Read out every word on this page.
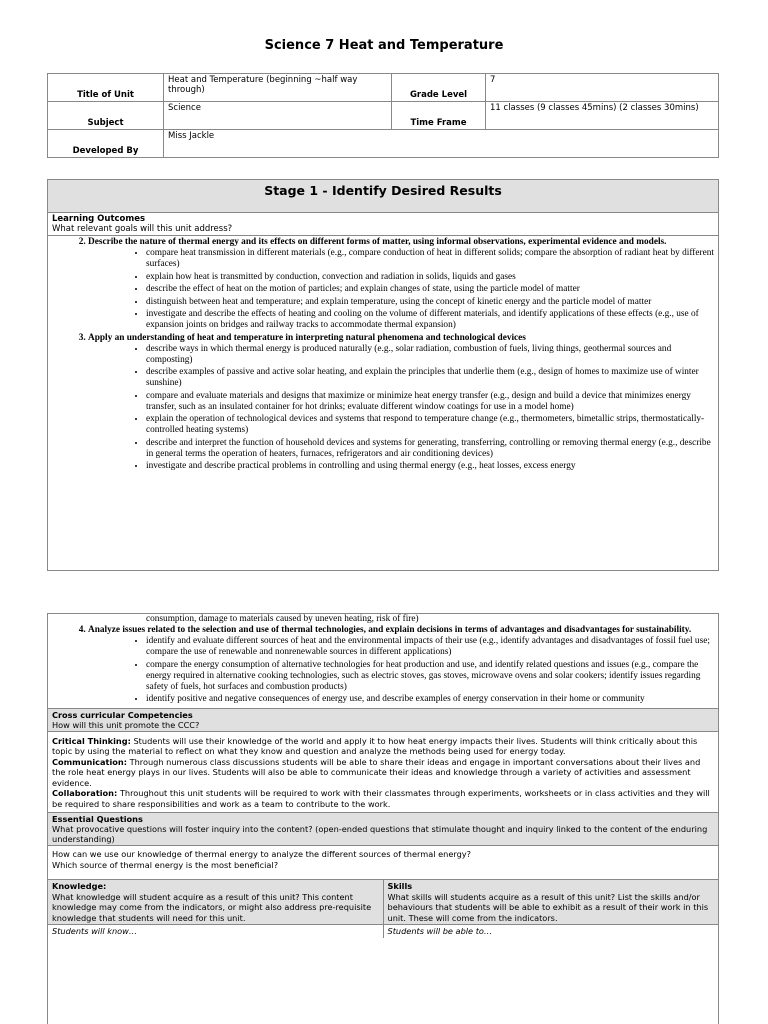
Science 7 Heat and Temperature
Title of Unit	Heat and Temperature (beginning ~half way through)	Grade Level	7
Subject	Science	Time Frame	11 classes (9 classes 45mins) (2 classes 30mins)
Developed By	Miss Jackle		
Stage 1 - Identify Desired Results
Learning Outcomes
What relevant goals will this unit address?
2. Describe the nature of thermal energy and its effects on different forms of matter, using informal observations, experimental evidence and models.
• compare heat transmission in different materials (e.g., compare conduction of heat in different solids; compare the absorption of radiant heat by different surfaces)
• explain how heat is transmitted by conduction, convection and radiation in solids, liquids and gases
• describe the effect of heat on the motion of particles; and explain changes of state, using the particle model of matter
• distinguish between heat and temperature; and explain temperature, using the concept of kinetic energy and the particle model of matter
• investigate and describe the effects of heating and cooling on the volume of different materials, and identify applications of these effects (e.g., use of expansion joints on bridges and railway tracks to accommodate thermal expansion)
3. Apply an understanding of heat and temperature in interpreting natural phenomena and technological devices
• describe ways in which thermal energy is produced naturally (e.g., solar radiation, combustion of fuels, living things, geothermal sources and composting)
• describe examples of passive and active solar heating, and explain the principles that underlie them (e.g., design of homes to maximize use of winter sunshine)
• compare and evaluate materials and designs that maximize or minimize heat energy transfer (e.g., design and build a device that minimizes energy transfer, such as an insulated container for hot drinks; evaluate different window coatings for use in a model home)
• explain the operation of technological devices and systems that respond to temperature change (e.g., thermometers, bimetallic strips, thermostatically-controlled heating systems)
• describe and interpret the function of household devices and systems for generating, transferring, controlling or removing thermal energy (e.g., describe in general terms the operation of heaters, furnaces, refrigerators and air conditioning devices)
• investigate and describe practical problems in controlling and using thermal energy (e.g., heat losses, excess energy
consumption, damage to materials caused by uneven heating, risk of fire)
4. Analyze issues related to the selection and use of thermal technologies, and explain decisions in terms of advantages and disadvantages for sustainability.
• identify and evaluate different sources of heat and the environmental impacts of their use (e.g., identify advantages and disadvantages of fossil fuel use; compare the use of renewable and nonrenewable sources in different applications)
• compare the energy consumption of alternative technologies for heat production and use, and identify related questions and issues (e.g., compare the energy required in alternative cooking technologies, such as electric stoves, gas stoves, microwave ovens and solar cookers; identify issues regarding safety of fuels, hot surfaces and combustion products)
• identify positive and negative consequences of energy use, and describe examples of energy conservation in their home or community
Cross curricular Competencies
How will this unit promote the CCC?
Critical Thinking: Students will use their knowledge of the world and apply it to how heat energy impacts their lives. Students will think critically about this topic by using the material to reflect on what they know and question and analyze the methods being used for energy today.
Communication: Through numerous class discussions students will be able to share their ideas and engage in important conversations about their lives and the role heat energy plays in our lives. Students will also be able to communicate their ideas and knowledge through a variety of activities and assessment evidence.
Collaboration: Throughout this unit students will be required to work with their classmates through experiments, worksheets or in class activities and they will be required to share responsibilities and work as a team to contribute to the work.
Essential Questions
What provocative questions will foster inquiry into the content? (open-ended questions that stimulate thought and inquiry linked to the content of the enduring understanding)
How can we use our knowledge of thermal energy to analyze the different sources of thermal energy?
Which source of thermal energy is the most beneficial?
Knowledge:
What knowledge will student acquire as a result of this unit? This content knowledge may come from the indicators, or might also address pre-requisite knowledge that students will need for this unit.
Skills
What skills will students acquire as a result of this unit? List the skills and/or behaviours that students will be able to exhibit as a result of their work in this unit. These will come from the indicators.
Students will know…	Students will be able to…
